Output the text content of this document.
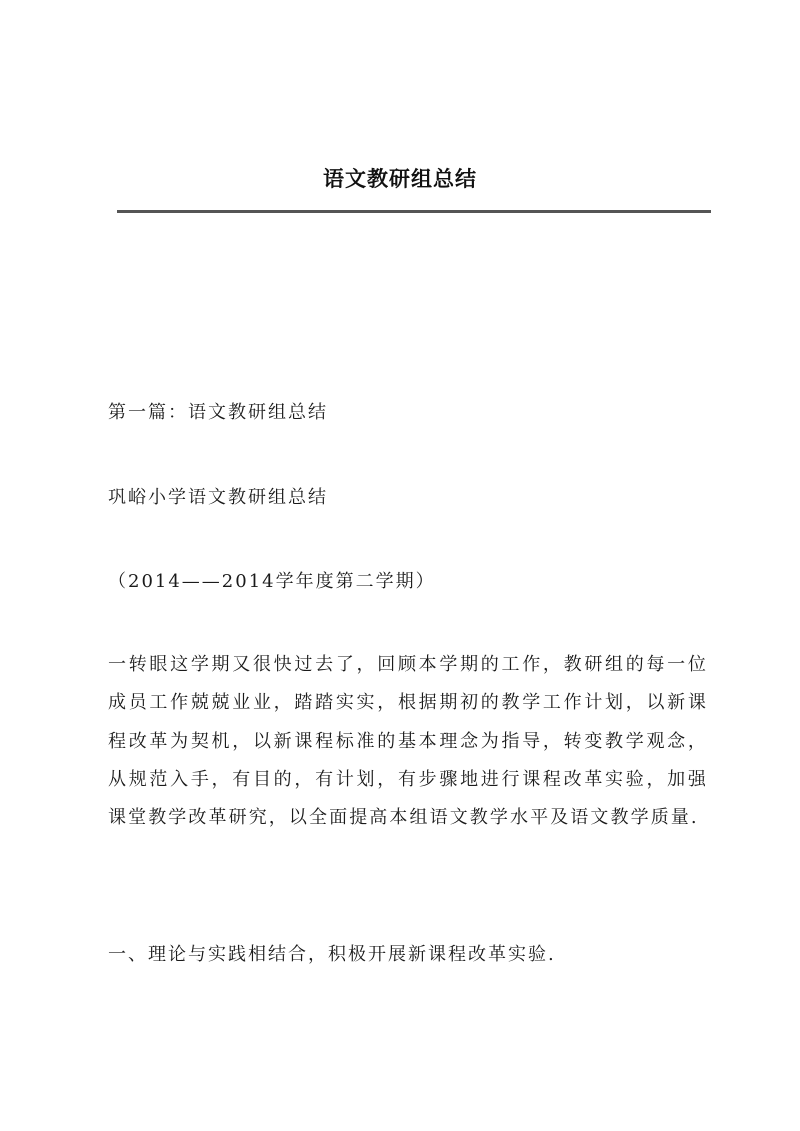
语文教研组总结
第一篇：语文教研组总结
巩峪小学语文教研组总结
（2014——2014学年度第二学期）
一转眼这学期又很快过去了，回顾本学期的工作，教研组的每一位成员工作兢兢业业，踏踏实实，根据期初的教学工作计划，以新课程改革为契机，以新课程标准的基本理念为指导，转变教学观念，从规范入手，有目的，有计划，有步骤地进行课程改革实验，加强课堂教学改革研究，以全面提高本组语文教学水平及语文教学质量.
一、理论与实践相结合，积极开展新课程改革实验.
